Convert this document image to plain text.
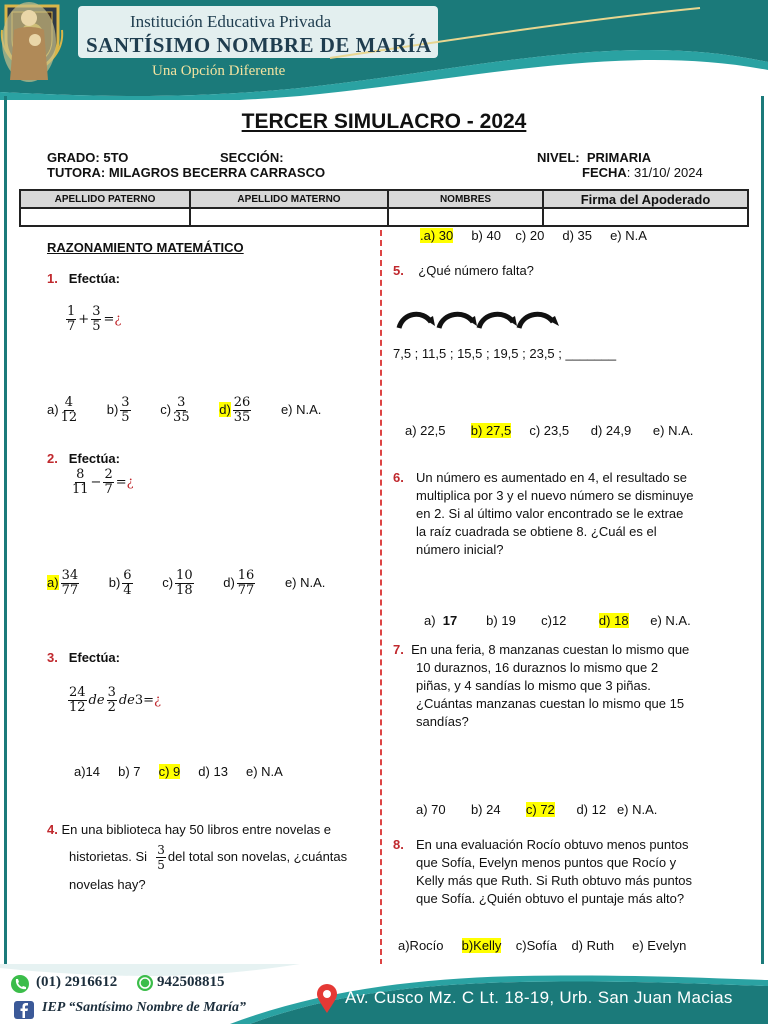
Institución Educativa Privada
SANTÍSIMO NOMBRE DE MARÍA
Una Opción Diferente
TERCER SIMULACRO - 2024
GRADO: 5TO	SECCIÓN:	NIVEL: PRIMARIA
TUTORA: MILAGROS BECERRA CARRASCO	FECHA: 31/10/ 2024
APELLIDO PATERNO	APELLIDO MATERNO	NOMBRES	Firma del Apoderado

RAZONAMIENTO MATEMÁTICO
1. Efectúa:
$\frac{1}{7} + \frac{3}{5}$ =¿
$a) \frac{4}{12} b) \frac{3}{5} c) \frac{3}{35} d) \frac{26}{35} e$) N.A.
2. Efectúa:
$\frac{8}{11} - \frac{2}{7}$ =¿
$a) \frac{34}{77} b) \frac{6}{4} c) \frac{10}{18} d) \frac{16}{77} e$) N.A.
3. Efectúa:
$\frac{24}{12}$ de $\frac{3}{2}$ de3=¿
a)14 b) 7 c) 9 d) 13 e) N.A
4. En una biblioteca hay 50 libros entre novelas e
historietas. Si $\frac{3}{5}$ del total son novelas, ¿cuántas
novelas hay?
.a) 30 b) 40 c) 20 d) 35 e) N.A
5. ¿Qué número falta?
7,5 ; 11,5 ; 15,5 ; 19,5 ; 23,5 ; _______
a) 22,5 b) 27,5 c) 23,5 d) 24,9 e) N.A.
6. Un número es aumentado en 4, el resultado se
multiplica por 3 y el nuevo número se disminuye
en 2. Si al último valor encontrado se le extrae
la raíz cuadrada se obtiene 8. ¿Cuál es el
número inicial?
a) 17 b) 19 c)12	d) 18 e) N.A.
7. En una feria, 8 manzanas cuestan lo mismo que
10 duraznos, 16 duraznos lo mismo que 2
piñas, y 4 sandías lo mismo que 3 piñas.
¿Cuántas manzanas cuestan lo mismo que 15
sandías?
a) 70 b) 24 c) 72 d) 12 e) N.A.
8. En una evaluación Rocío obtuvo menos puntos
que Sofía, Evelyn menos puntos que Rocío y
Kelly más que Ruth. Si Ruth obtuvo más puntos
que Sofía. ¿Quién obtuvo el puntaje más alto?
a)Rocío b)Kelly c)Sofía d) Ruth e) Evelyn
(01) 2916612	942508815
IEP “Santísimo Nombre de María”
Av. Cusco Mz. C Lt. 18-19, Urb. San Juan Macias
